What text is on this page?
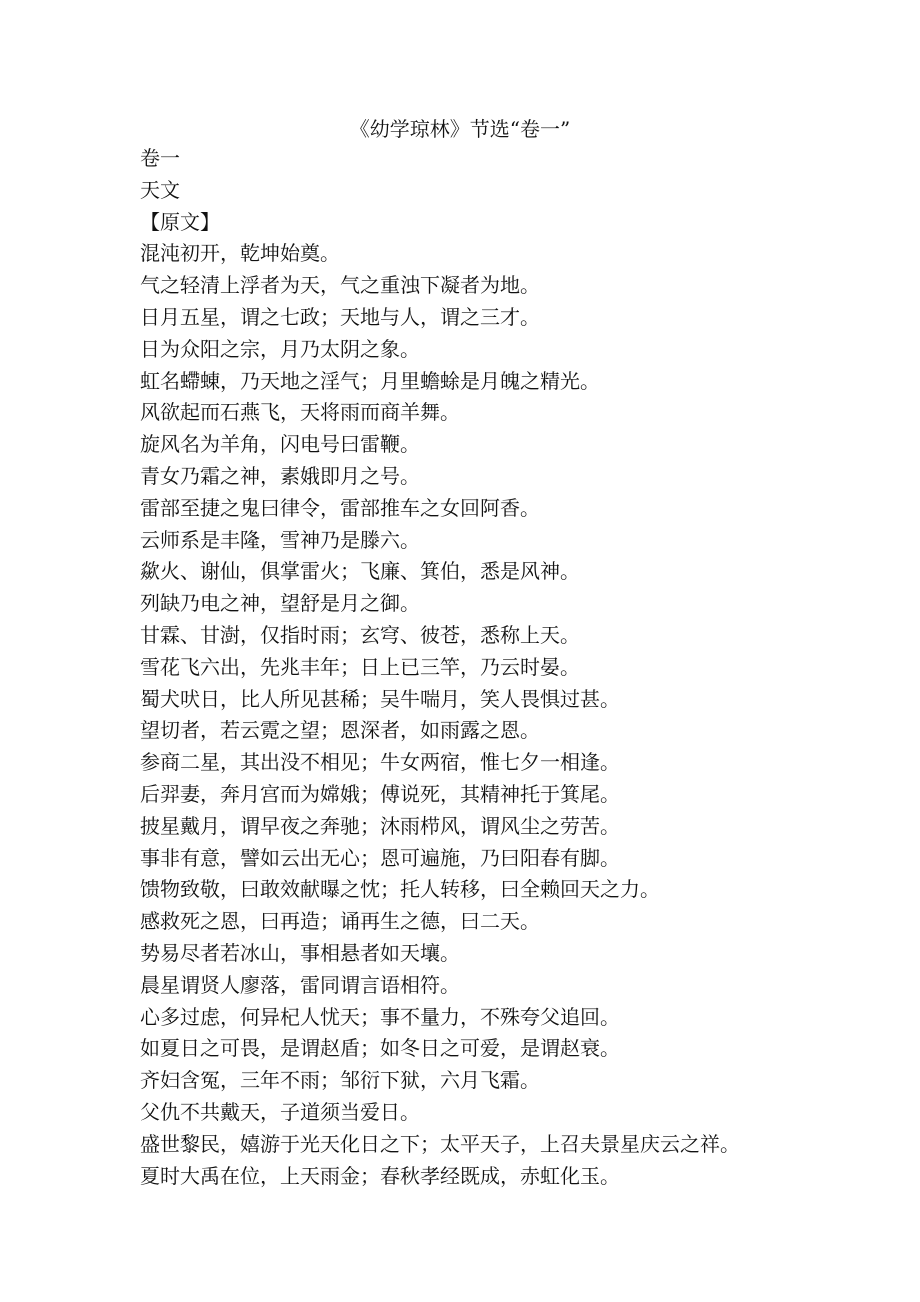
《幼学琼林》节选“卷一”
卷一
天文
【原文】
混沌初开，乾坤始奠。
气之轻清上浮者为天，气之重浊下凝者为地。
日月五星，谓之七政；天地与人，谓之三才。
日为众阳之宗，月乃太阴之象。
虹名螮蝀，乃天地之淫气；月里蟾蜍是月魄之精光。
风欲起而石燕飞，天将雨而商羊舞。
旋风名为羊角，闪电号曰雷鞭。
青女乃霜之神，素娥即月之号。
雷部至捷之鬼曰律令，雷部推车之女回阿香。
云师系是丰隆，雪神乃是滕六。
歘火、谢仙，俱掌雷火；飞廉、箕伯，悉是风神。
列缺乃电之神，望舒是月之御。
甘霖、甘澍，仅指时雨；玄穹、彼苍，悉称上天。
雪花飞六出，先兆丰年；日上已三竿，乃云时晏。
蜀犬吠日，比人所见甚稀；吴牛喘月，笑人畏惧过甚。
望切者，若云霓之望；恩深者，如雨露之恩。
参商二星，其出没不相见；牛女两宿，惟七夕一相逢。
后羿妻，奔月宫而为嫦娥；傅说死，其精神托于箕尾。
披星戴月，谓早夜之奔驰；沐雨栉风，谓风尘之劳苦。
事非有意，譬如云出无心；恩可遍施，乃曰阳春有脚。
馈物致敬，曰敢效献曝之忱；托人转移，曰全赖回天之力。
感救死之恩，曰再造；诵再生之德，曰二天。
势易尽者若冰山，事相悬者如天壤。
晨星谓贤人廖落，雷同谓言语相符。
心多过虑，何异杞人忧天；事不量力，不殊夸父追回。
如夏日之可畏，是谓赵盾；如冬日之可爱，是谓赵衰。
齐妇含冤，三年不雨；邹衍下狱，六月飞霜。
父仇不共戴天，子道须当爱日。
盛世黎民，嬉游于光天化日之下；太平天子，上召夫景星庆云之祥。
夏时大禹在位，上天雨金；春秋孝经既成，赤虹化玉。
